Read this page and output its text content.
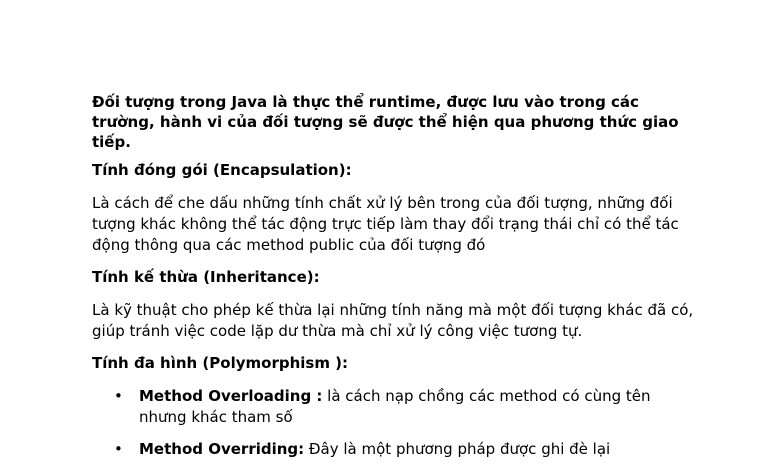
Đối tượng trong Java là thực thể runtime, được lưu vào trong các trường, hành vi của đối tượng sẽ được thể hiện qua phương thức giao tiếp.

Tính đóng gói (Encapsulation):

Là cách để che dấu những tính chất xử lý bên trong của đối tượng, những đối tượng khác không thể tác động trực tiếp làm thay đổi trạng thái chỉ có thể tác động thông qua các method public của đối tượng đó

Tính kế thừa (Inheritance):

Là kỹ thuật cho phép kế thừa lại những tính năng mà một đối tượng khác đã có, giúp tránh việc code lặp dư thừa mà chỉ xử lý công việc tương tự.

Tính đa hình (Polymorphism ):

• Method Overloading : là cách nạp chồng các method có cùng tên nhưng khác tham số
• Method Overriding: Đây là một phương pháp được ghi đè lại
